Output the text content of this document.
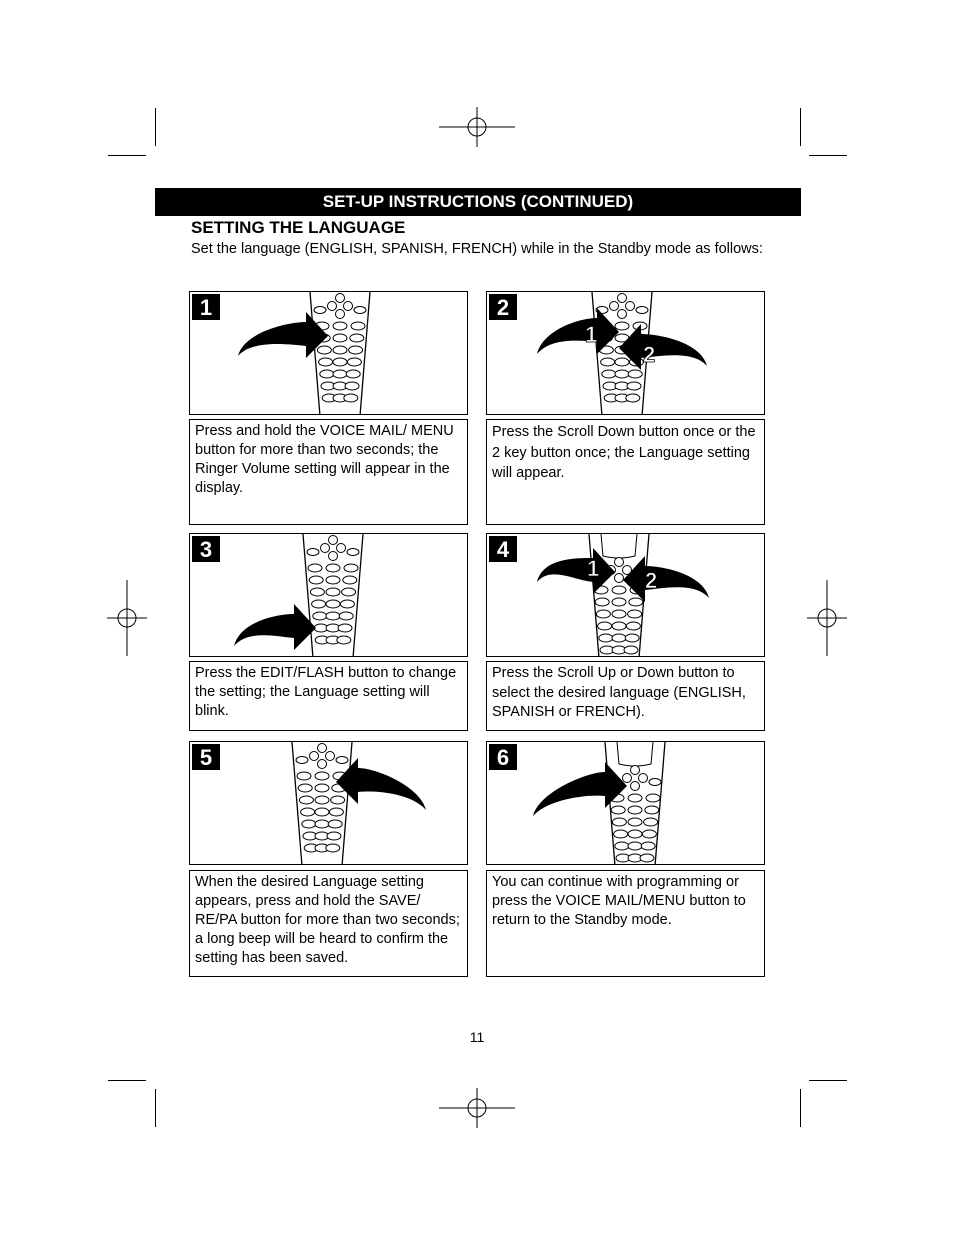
SET-UP INSTRUCTIONS (CONTINUED)
SETTING THE LANGUAGE
Set the language (ENGLISH, SPANISH, FRENCH) while in the Standby mode as follows:
1
Press and hold the VOICE MAIL/ MENU button for more than two seconds; the Ringer Volume setting will appear in the display.
1
2
2
Press the Scroll Down button once or the 2 key button once; the Language setting will appear.
3
Press the EDIT/FLASH button to change the setting; the Language setting will blink.
1 2
4
Press the Scroll Up or Down button to select the desired language (ENGLISH, SPANISH or FRENCH).
5
When the desired Language setting appears, press and hold the SAVE/ RE/PA button for more than two seconds; a long beep will be heard to confirm the setting has been saved.
6
You can continue with programming or press the VOICE MAIL/MENU button to return to the Standby mode.
11
